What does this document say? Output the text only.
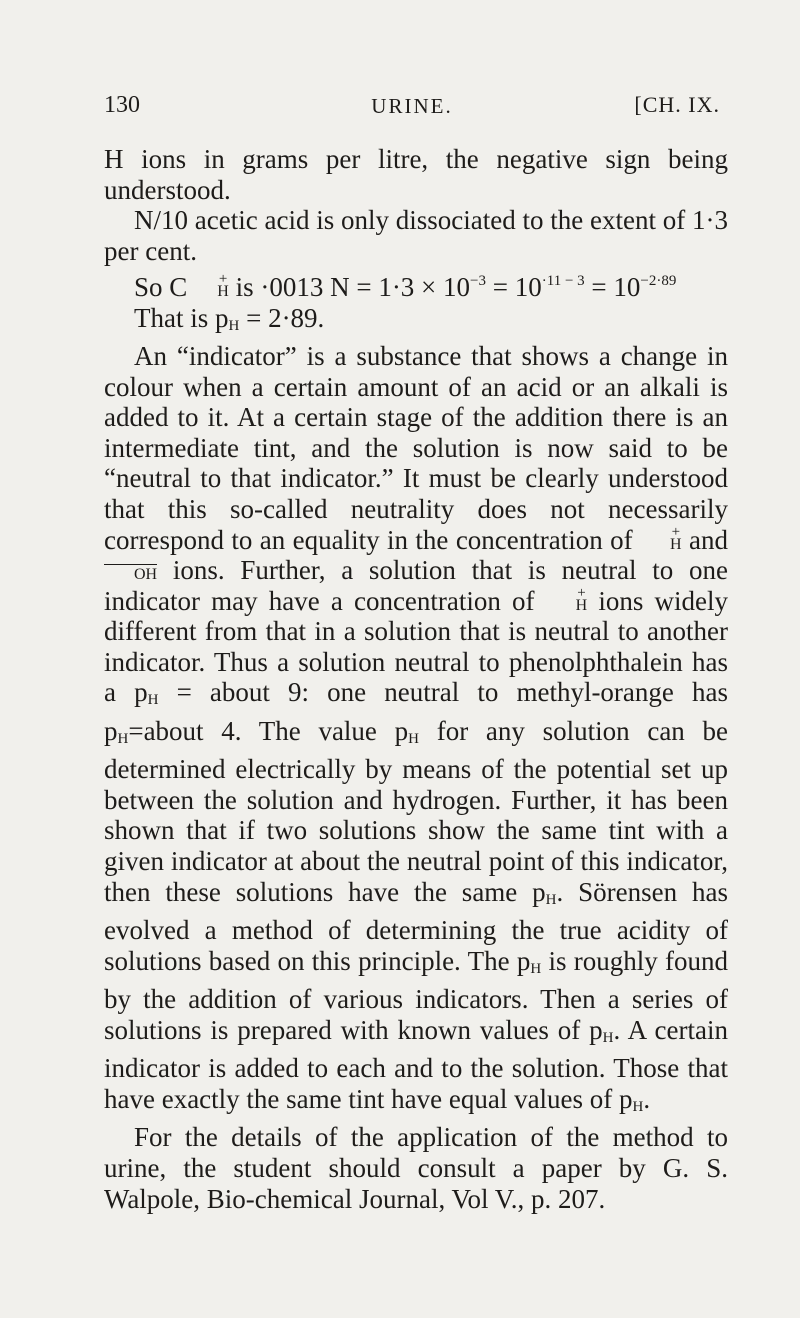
130	URINE.	[CH. IX.

H ions in grams per litre, the negative sign being understood.

N/10 acetic acid is only dissociated to the extent of 1·3 per cent.

So C	+
H is ·0013 $N = 1\cdot 3 \times 10^{-3} = 10^{\cdot 11 - 3} = 10^{-2\cdot 89}$

That is $p_H = 2\cdot 89$.

An “indicator” is a substance that shows a change in colour when a certain amount of an acid or an alkali is added to it. At a certain stage of the addition there is an intermediate tint, and the solution is now said to be “neutral to that indicator.” It must be clearly understood that this so-called neutrality does not necessarily correspond to an equality in the concentration of	+
H and
OH ions. Further, a solution that is neutral to one indicator may have a concentration of	+
H ions widely different from that in a solution that is neutral to another indicator. Thus a solution neutral to phenolphthalein has a $p_H$ = about 9: one neutral to methyl-orange has $p_H=about$ 4. The value $p_H$ for any solution can be determined electrically by means of the potential set up between the solution and hydrogen. Further, it has been shown that if two solutions show the same tint with a given indicator at about the neutral point of this indicator, then these solutions have the same $p_H$. Sörensen has evolved a method of determining the true acidity of solutions based on this principle. The $p_H$ is roughly found by the addition of various indicators. Then a series of solutions is prepared with known values of $p_H$. A certain indicator is added to each and to the solution. Those that have exactly the same tint have equal values of $p_H$.

For the details of the application of the method to urine, the student should consult a paper by G. S. Walpole, Bio-chemical Journal, Vol V., p. 207.
